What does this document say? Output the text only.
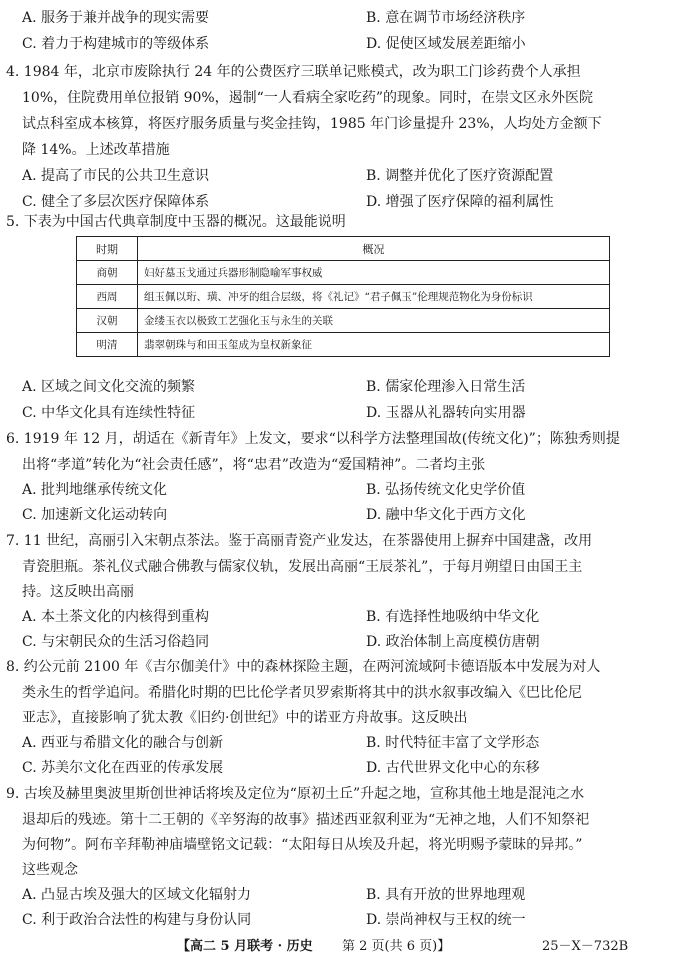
A. 服务于兼并战争的现实需要	B. 意在调节市场经济秩序
C. 着力于构建城市的等级体系	D. 促使区域发展差距缩小
4. 1984 年，北京市废除执行 24 年的公费医疗三联单记账模式，改为职工门诊药费个人承担
10%，住院费用单位报销 90%，遏制“一人看病全家吃药”的现象。同时，在崇文区永外医院
试点科室成本核算，将医疗服务质量与奖金挂钩，1985 年门诊量提升 23%，人均处方金额下
降 14%。上述改革措施
A. 提高了市民的公共卫生意识	B. 调整并优化了医疗资源配置
C. 健全了多层次医疗保障体系	D. 增强了医疗保障的福利属性
5. 下表为中国古代典章制度中玉器的概况。这最能说明
时期	概况
商朝	妇好墓玉戈通过兵器形制隐喻军事权威
西周	组玉佩以珩、璜、冲牙的组合层级，将《礼记》“君子佩玉”伦理规范物化为身份标识
汉朝	金缕玉衣以极致工艺强化玉与永生的关联
明清	翡翠朝珠与和田玉玺成为皇权新象征
A. 区域之间文化交流的频繁	B. 儒家伦理渗入日常生活
C. 中华文化具有连续性特征	D. 玉器从礼器转向实用器
6. 1919 年 12 月，胡适在《新青年》上发文，要求“以科学方法整理国故(传统文化)”；陈独秀则提
出将“孝道”转化为“社会责任感”，将“忠君”改造为“爱国精神”。二者均主张
A. 批判地继承传统文化	B. 弘扬传统文化史学价值
C. 加速新文化运动转向	D. 融中华文化于西方文化
7. 11 世纪，高丽引入宋朝点茶法。鉴于高丽青瓷产业发达，在茶器使用上摒弃中国建盏，改用
青瓷胆瓶。茶礼仪式融合佛教与儒家仪轨，发展出高丽“王辰茶礼”，于每月朔望日由国王主
持。这反映出高丽
A. 本土茶文化的内核得到重构	B. 有选择性地吸纳中华文化
C. 与宋朝民众的生活习俗趋同	D. 政治体制上高度模仿唐朝
8. 约公元前 2100 年《吉尔伽美什》中的森林探险主题，在两河流域阿卡德语版本中发展为对人
类永生的哲学追问。希腊化时期的巴比伦学者贝罗索斯将其中的洪水叙事改编入《巴比伦尼
亚志》，直接影响了犹太教《旧约·创世纪》中的诺亚方舟故事。这反映出
A. 西亚与希腊文化的融合与创新	B. 时代特征丰富了文学形态
C. 苏美尔文化在西亚的传承发展	D. 古代世界文化中心的东移
9. 古埃及赫里奥波里斯创世神话将埃及定位为“原初土丘”升起之地，宣称其他土地是混沌之水
退却后的残迹。第十二王朝的《辛努海的故事》描述西亚叙利亚为“无神之地，人们不知祭祀
为何物”。阿布辛拜勒神庙墙壁铭文记载：“太阳每日从埃及升起，将光明赐予蒙昧的异邦。”
这些观念
A. 凸显古埃及强大的区域文化辐射力	B. 具有开放的世界地理观
C. 利于政治合法性的构建与身份认同	D. 崇尚神权与王权的统一
【高二 5 月联考 · 历史 第 2 页(共 6 页)】	25－X－732B
